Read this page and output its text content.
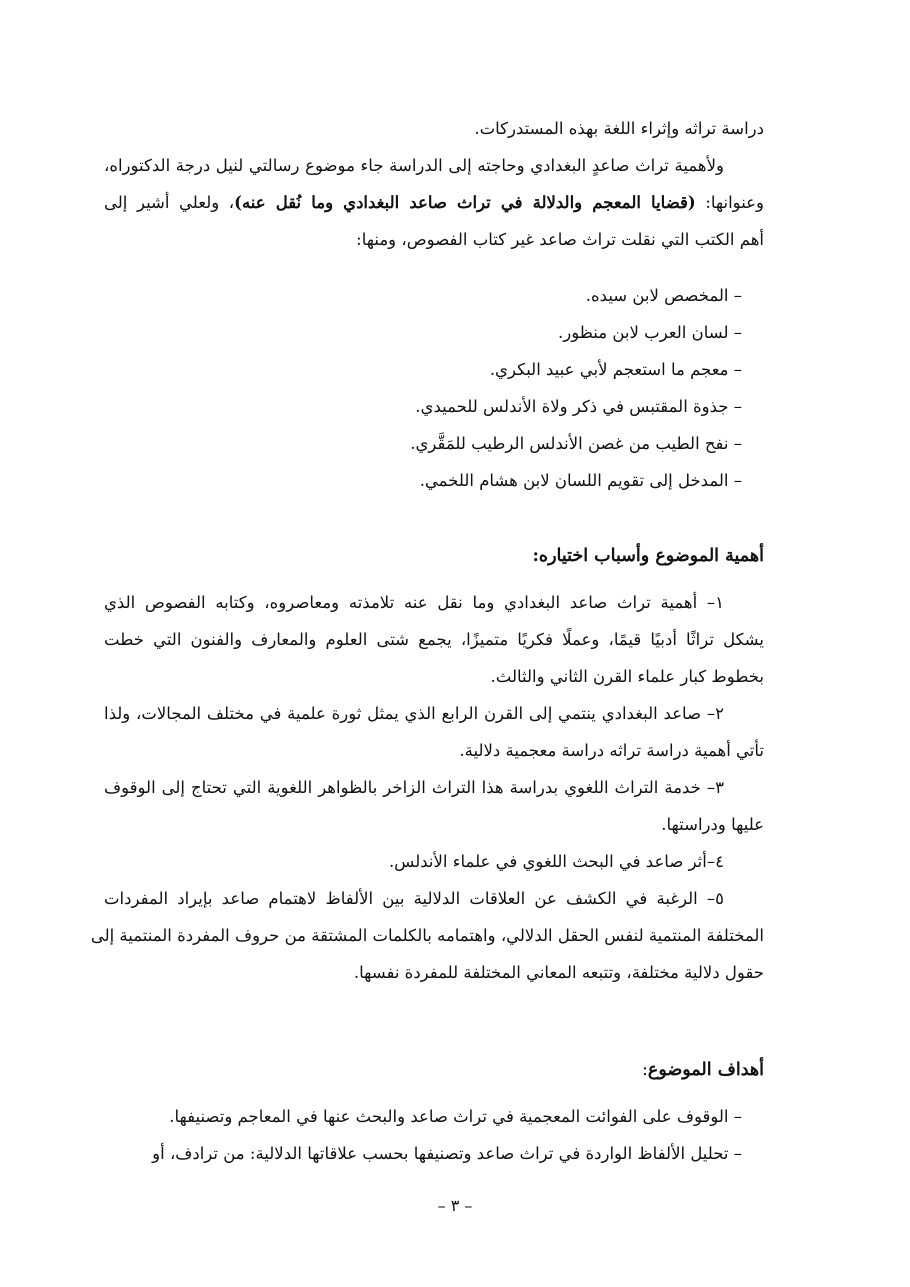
دراسة تراثه وإثراء اللغة بهذه المستدركات.
ولأهمية تراث صاعدٍ البغدادي وحاجته إلى الدراسة جاء موضوع رسالتي لنيل درجة الدكتوراه،
وعنوانها: (قضايا المعجم والدلالة في تراث صاعد البغدادي وما نُقل عنه)، ولعلي أشير إلى
أهم الكتب التي نقلت تراث صاعد غير كتاب الفصوص، ومنها:
– المخصص لابن سيده.
– لسان العرب لابن منظور.
– معجم ما استعجم لأبي عبيد البكري.
– جذوة المقتبس في ذكر ولاة الأندلس للحميدي.
– نفح الطيب من غصن الأندلس الرطيب للمَقَّري.
– المدخل إلى تقويم اللسان لابن هشام اللخمي.
أهمية الموضوع وأسباب اختياره:
١– أهمية تراث صاعد البغدادي وما نقل عنه تلامذته ومعاصروه، وكتابه الفصوص الذي
يشكل تراثًا أدبيًا قيمًا، وعملًا فكريًا متميزًا، يجمع شتى العلوم والمعارف والفنون التي خطت
بخطوط كبار علماء القرن الثاني والثالث.
٢– صاعد البغدادي ينتمي إلى القرن الرابع الذي يمثل ثورة علمية في مختلف المجالات، ولذا
تأتي أهمية دراسة تراثه دراسة معجمية دلالية.
٣– خدمة التراث اللغوي بدراسة هذا التراث الزاخر بالظواهر اللغوية التي تحتاج إلى الوقوف
عليها ودراستها.
٤–أثر صاعد في البحث اللغوي في علماء الأندلس.
٥– الرغبة في الكشف عن العلاقات الدلالية بين الألفاظ لاهتمام صاعد بإيراد المفردات
المختلفة المنتمية لنفس الحقل الدلالي، واهتمامه بالكلمات المشتقة من حروف المفردة المنتمية إلى
حقول دلالية مختلفة، وتتبعه المعاني المختلفة للمفردة نفسها.
أهداف الموضوع:
– الوقوف على الفوائت المعجمية في تراث صاعد والبحث عنها في المعاجم وتصنيفها.
– تحليل الألفاظ الواردة في تراث صاعد وتصنيفها بحسب علاقاتها الدلالية: من ترادف، أو
– ٣ –
